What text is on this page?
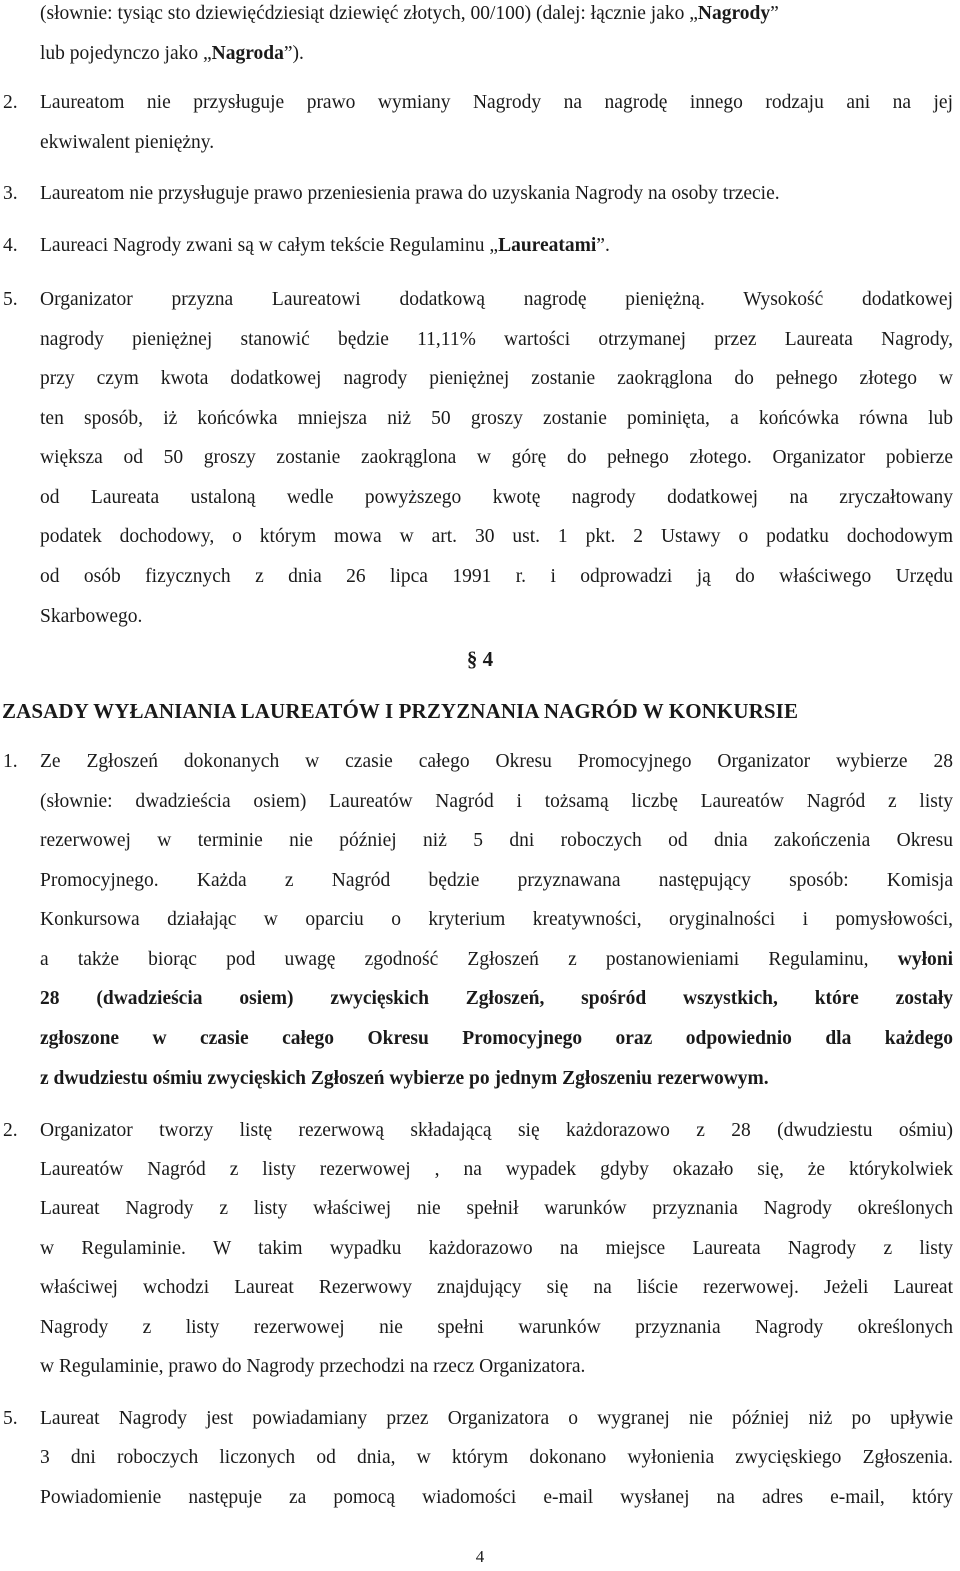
(słownie: tysiąc sto dziewięćdziesiąt dziewięć złotych, 00/100) (dalej: łącznie jako „Nagrody”
lub pojedynczo jako „Nagroda”).
2. Laureatom nie przysługuje prawo wymiany Nagrody na nagrodę innego rodzaju ani na jej
ekwiwalent pieniężny.
3. Laureatom nie przysługuje prawo przeniesienia prawa do uzyskania Nagrody na osoby trzecie.
4. Laureaci Nagrody zwani są w całym tekście Regulaminu „Laureatami”.
5. Organizator przyzna Laureatowi dodatkową nagrodę pieniężną. Wysokość dodatkowej
nagrody pieniężnej stanowić będzie 11,11% wartości otrzymanej przez Laureata Nagrody,
przy czym kwota dodatkowej nagrody pieniężnej zostanie zaokrąglona do pełnego złotego w
ten sposób, iż końcówka mniejsza niż 50 groszy zostanie pominięta, a końcówka równa lub
większa od 50 groszy zostanie zaokrąglona w górę do pełnego złotego. Organizator pobierze
od Laureata ustaloną wedle powyższego kwotę nagrody dodatkowej na zryczałtowany
podatek dochodowy, o którym mowa w art. 30 ust. 1 pkt. 2 Ustawy o podatku dochodowym
od osób fizycznych z dnia 26 lipca 1991 r. i odprowadzi ją do właściwego Urzędu
Skarbowego.
§ 4
ZASADY WYŁANIANIA LAUREATÓW I PRZYZNANIA NAGRÓD W KONKURSIE
1. Ze Zgłoszeń dokonanych w czasie całego Okresu Promocyjnego Organizator wybierze 28
(słownie: dwadzieścia osiem) Laureatów Nagród i tożsamą liczbę Laureatów Nagród z listy
rezerwowej w terminie nie później niż 5 dni roboczych od dnia zakończenia Okresu
Promocyjnego. Każda z Nagród będzie przyznawana następujący sposób: Komisja
Konkursowa działając w oparciu o kryterium kreatywności, oryginalności i pomysłowości,
a także biorąc pod uwagę zgodność Zgłoszeń z postanowieniami Regulaminu, wyłoni
28 (dwadzieścia osiem) zwycięskich Zgłoszeń, spośród wszystkich, które zostały
zgłoszone w czasie całego Okresu Promocyjnego oraz odpowiednio dla każdego
z dwudziestu ośmiu zwycięskich Zgłoszeń wybierze po jednym Zgłoszeniu rezerwowym.
2. Organizator tworzy listę rezerwową składającą się każdorazowo z 28 (dwudziestu ośmiu)
Laureatów Nagród z listy rezerwowej , na wypadek gdyby okazało się, że którykolwiek
Laureat Nagrody z listy właściwej nie spełnił warunków przyznania Nagrody określonych
w Regulaminie. W takim wypadku każdorazowo na miejsce Laureata Nagrody z listy
właściwej wchodzi Laureat Rezerwowy znajdujący się na liście rezerwowej. Jeżeli Laureat
Nagrody z listy rezerwowej nie spełni warunków przyznania Nagrody określonych
w Regulaminie, prawo do Nagrody przechodzi na rzecz Organizatora.
5. Laureat Nagrody jest powiadamiany przez Organizatora o wygranej nie później niż po upływie
3 dni roboczych liczonych od dnia, w którym dokonano wyłonienia zwycięskiego Zgłoszenia.
Powiadomienie następuje za pomocą wiadomości e-mail wysłanej na adres e-mail, który
4
